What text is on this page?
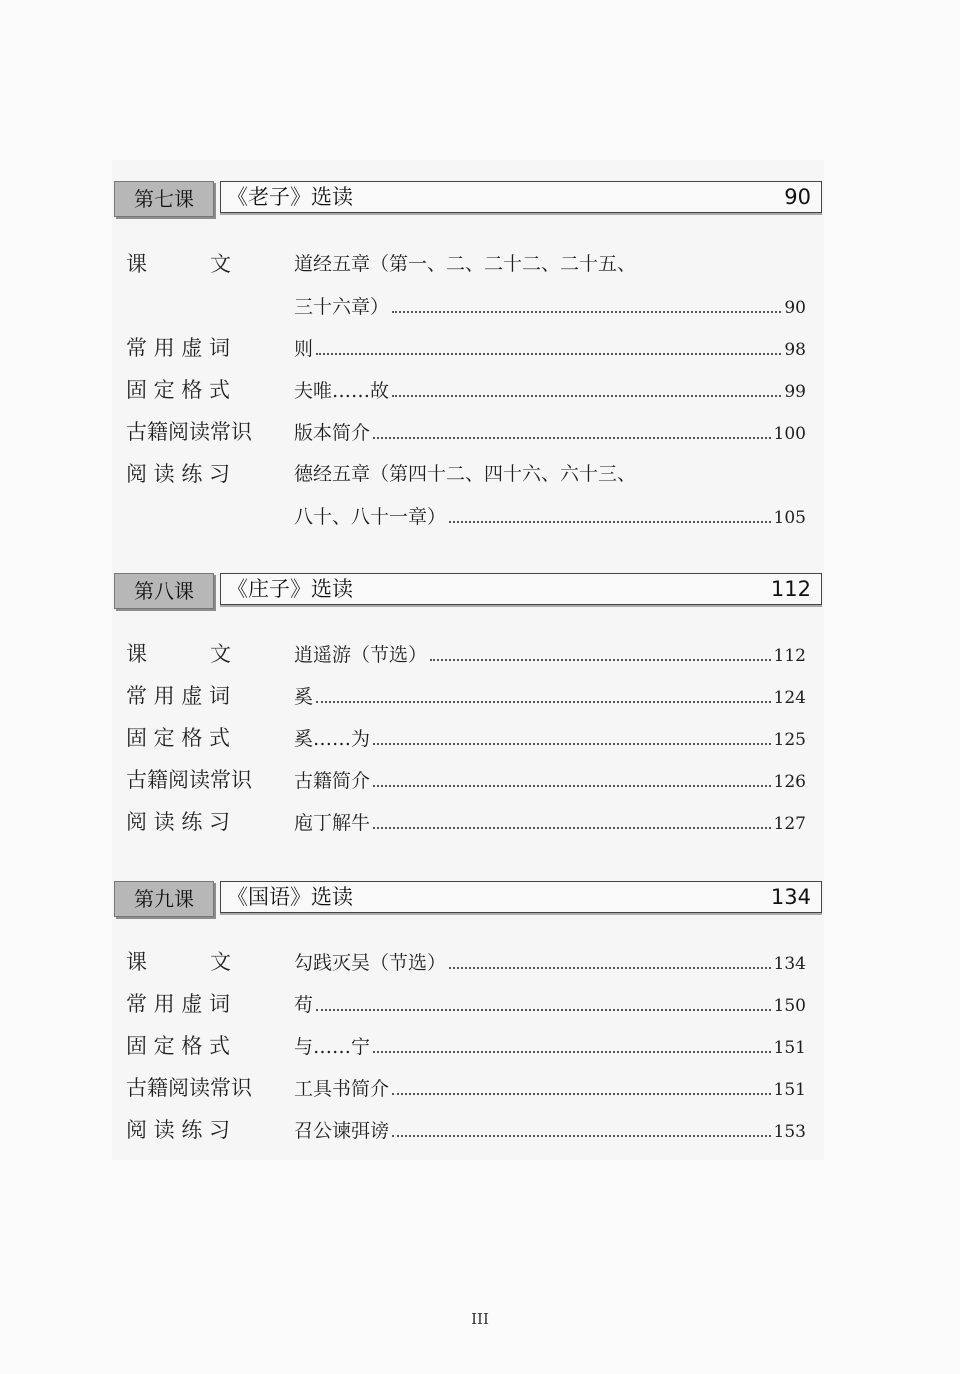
第七课	《老子》选读	90
课　　　文	道经五章（第一、二、二十二、二十五、
三十六章）	90
常 用 虚 词	则	98
固 定 格 式	夫唯……故	99
古籍阅读常识	版本简介	100
阅 读 练 习	德经五章（第四十二、四十六、六十三、
八十、八十一章）	105
第八课	《庄子》选读	112
课　　　文	逍遥游（节选）	112
常 用 虚 词	奚	124
固 定 格 式	奚……为	125
古籍阅读常识	古籍简介	126
阅 读 练 习	庖丁解牛	127
第九课	《国语》选读	134
课　　　文	勾践灭吴（节选）	134
常 用 虚 词	苟	150
固 定 格 式	与……宁	151
古籍阅读常识	工具书简介	151
阅 读 练 习	召公谏弭谤	153
III
